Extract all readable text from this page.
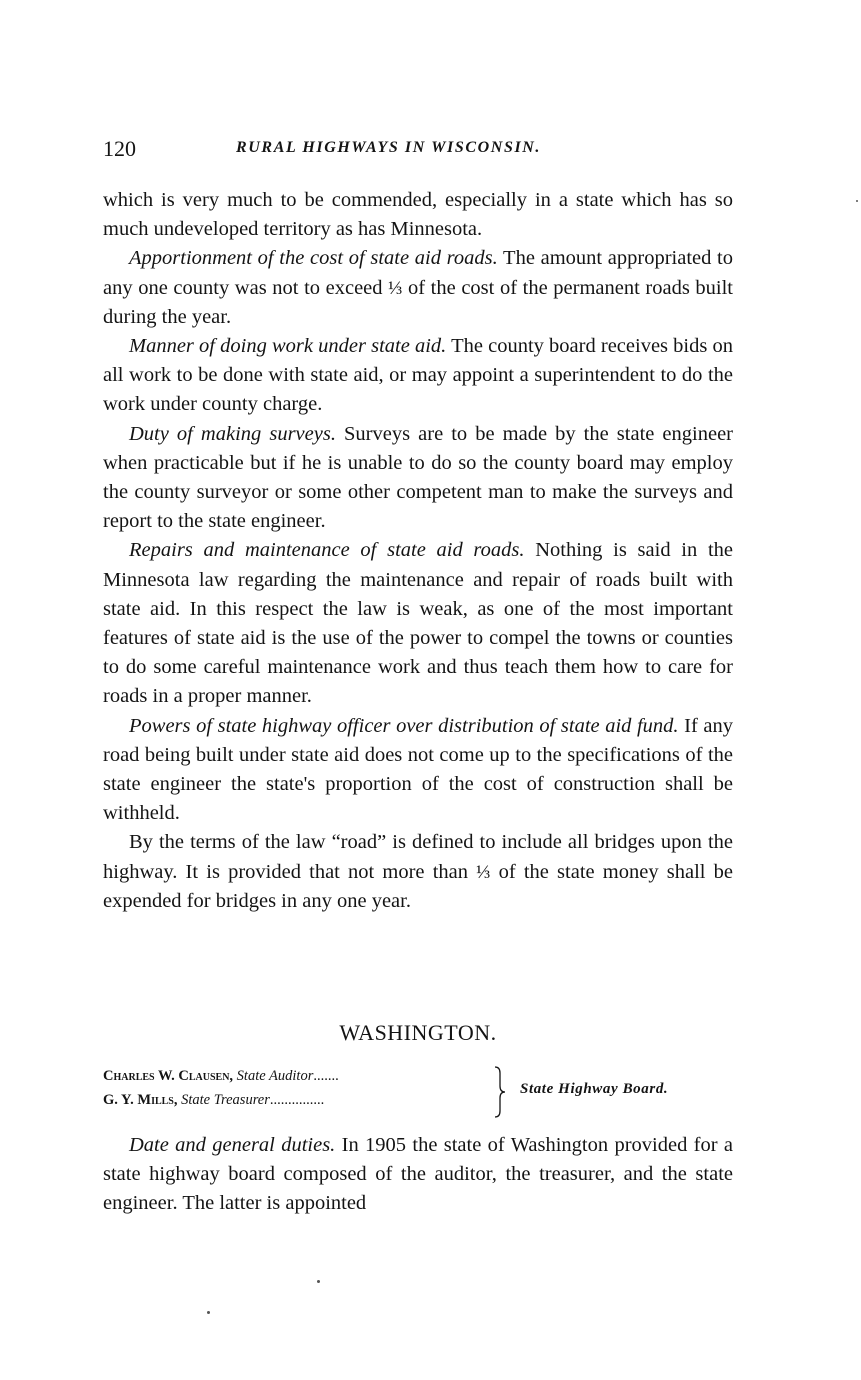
120	RURAL HIGHWAYS IN WISCONSIN.

which is very much to be commended, especially in a state which has so much undeveloped territory as has Minnesota.

Apportionment of the cost of state aid roads. The amount appropriated to any one county was not to exceed ⅓ of the cost of the permanent roads built during the year.

Manner of doing work under state aid. The county board receives bids on all work to be done with state aid, or may appoint a superintendent to do the work under county charge.

Duty of making surveys. Surveys are to be made by the state engineer when practicable but if he is unable to do so the county board may employ the county surveyor or some other competent man to make the surveys and report to the state engineer.

Repairs and maintenance of state aid roads. Nothing is said in the Minnesota law regarding the maintenance and repair of roads built with state aid. In this respect the law is weak, as one of the most important features of state aid is the use of the power to compel the towns or counties to do some careful maintenance work and thus teach them how to care for roads in a proper manner.

Powers of state highway officer over distribution of state aid fund. If any road being built under state aid does not come up to the specifications of the state engineer the state's proportion of the cost of construction shall be withheld.

By the terms of the law “road” is defined to include all bridges upon the highway. It is provided that not more than ⅓ of the state money shall be expended for bridges in any one year.

WASHINGTON.
Charles W. Clausen, State Auditor.......
G. Y. Mills, State Treasurer...............
State Highway Board.

Date and general duties. In 1905 the state of Washington provided for a state highway board composed of the auditor, the treasurer, and the state engineer. The latter is appointed
